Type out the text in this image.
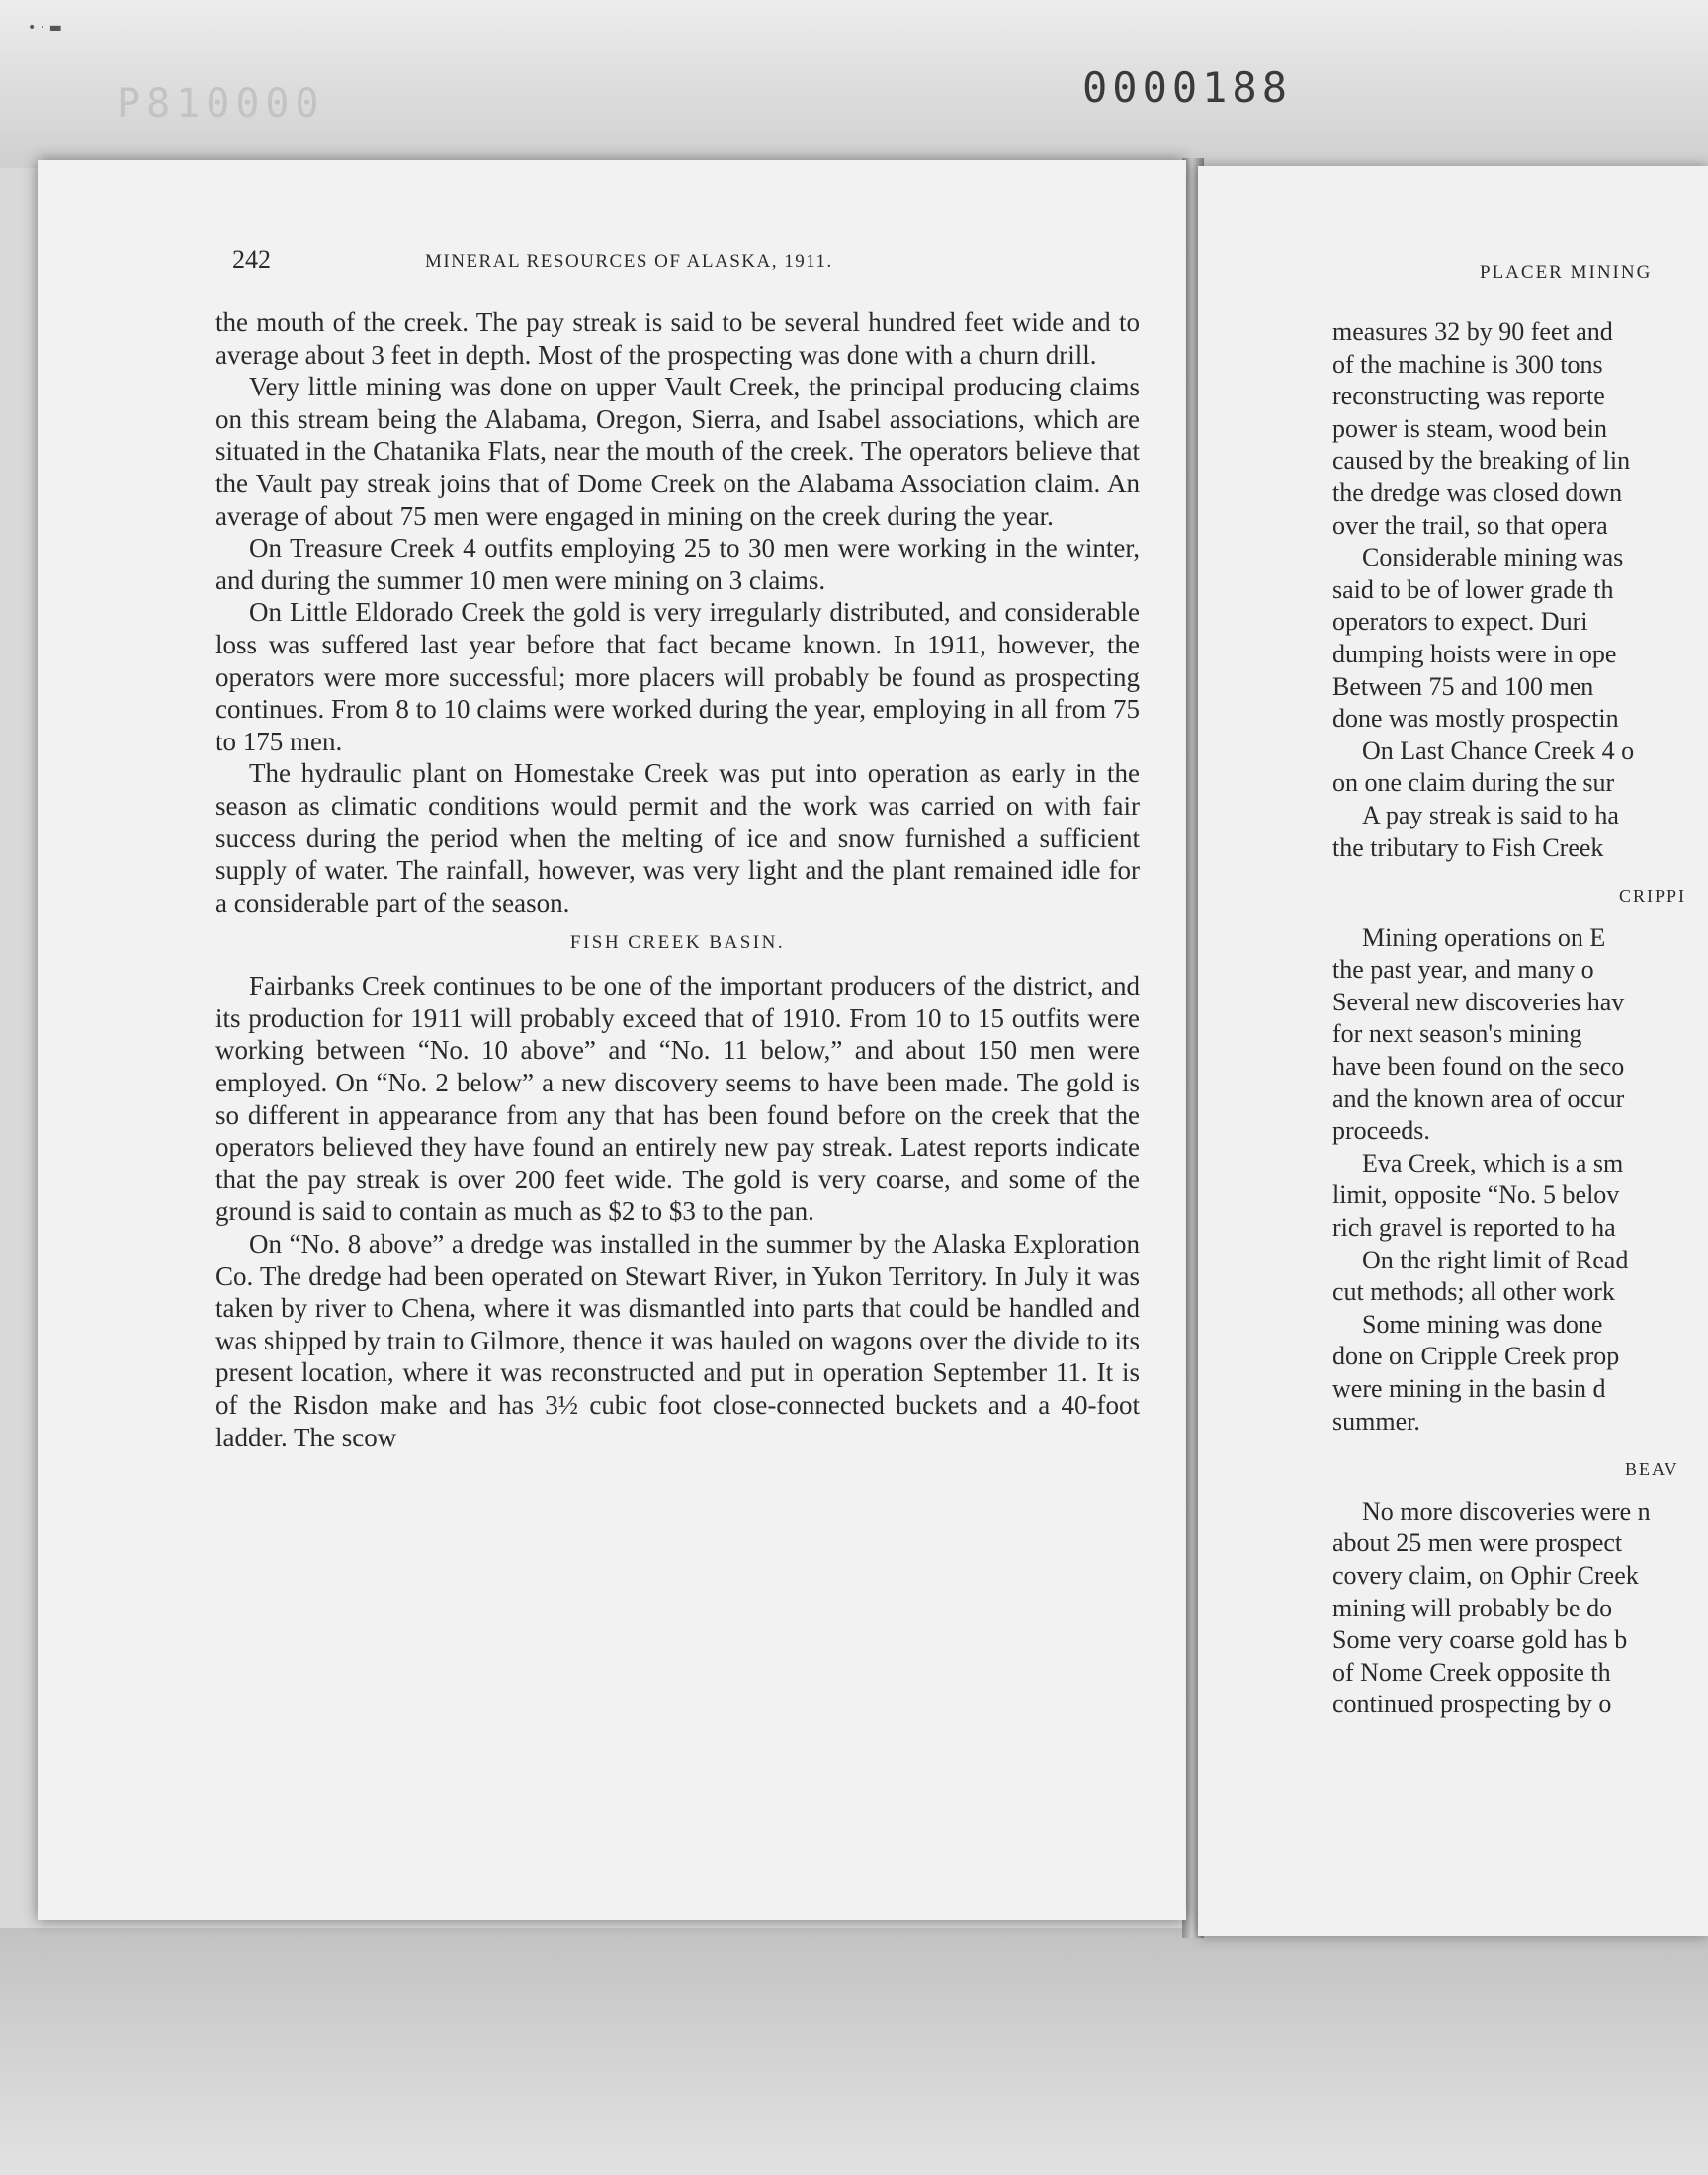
• · ▬
P810000	0000188
242	MINERAL RESOURCES OF ALASKA, 1911.

the mouth of the creek. The pay streak is said to be several hundred feet wide and to average about 3 feet in depth. Most of the prospecting was done with a churn drill.

Very little mining was done on upper Vault Creek, the principal producing claims on this stream being the Alabama, Oregon, Sierra, and Isabel associations, which are situated in the Chatanika Flats, near the mouth of the creek. The operators believe that the Vault pay streak joins that of Dome Creek on the Alabama Association claim. An average of about 75 men were engaged in mining on the creek during the year.

On Treasure Creek 4 outfits employing 25 to 30 men were working in the winter, and during the summer 10 men were mining on 3 claims.

On Little Eldorado Creek the gold is very irregularly distributed, and considerable loss was suffered last year before that fact became known. In 1911, however, the operators were more successful; more placers will probably be found as prospecting continues. From 8 to 10 claims were worked during the year, employing in all from 75 to 175 men.

The hydraulic plant on Homestake Creek was put into operation as early in the season as climatic conditions would permit and the work was carried on with fair success during the period when the melting of ice and snow furnished a sufficient supply of water. The rainfall, however, was very light and the plant remained idle for a considerable part of the season.

FISH CREEK BASIN.

Fairbanks Creek continues to be one of the important producers of the district, and its production for 1911 will probably exceed that of 1910. From 10 to 15 outfits were working between “No. 10 above” and “No. 11 below,” and about 150 men were employed. On “No. 2 below” a new discovery seems to have been made. The gold is so different in appearance from any that has been found before on the creek that the operators believed they have found an entirely new pay streak. Latest reports indicate that the pay streak is over 200 feet wide. The gold is very coarse, and some of the ground is said to contain as much as $2 to $3 to the pan.

On “No. 8 above” a dredge was installed in the summer by the Alaska Exploration Co. The dredge had been operated on Stewart River, in Yukon Territory. In July it was taken by river to Chena, where it was dismantled into parts that could be handled and was shipped by train to Gilmore, thence it was hauled on wagons over the divide to its present location, where it was reconstructed and put in operation September 11. It is of the Risdon make and has 3½ cubic foot close-connected buckets and a 40-foot ladder. The scow

PLACER MINING
measures 32 by 90 feet and
of the machine is 300 tons
reconstructing was reporte
power is steam, wood bein
caused by the breaking of lin
the dredge was closed down
over the trail, so that opera
Considerable mining was
said to be of lower grade th
operators to expect. Duri
dumping hoists were in ope
Between 75 and 100 men
done was mostly prospectin
On Last Chance Creek 4 o
on one claim during the sur
A pay streak is said to ha
the tributary to Fish Creek
CRIPPI
Mining operations on E
the past year, and many o
Several new discoveries hav
for next season's mining
have been found on the seco
and the known area of occur
proceeds.
Eva Creek, which is a sm
limit, opposite “No. 5 belov
rich gravel is reported to ha
On the right limit of Read
cut methods; all other work
Some mining was done
done on Cripple Creek prop
were mining in the basin d
summer.
BEAV
No more discoveries were n
about 25 men were prospect
covery claim, on Ophir Creek
mining will probably be do
Some very coarse gold has b
of Nome Creek opposite th
continued prospecting by o
